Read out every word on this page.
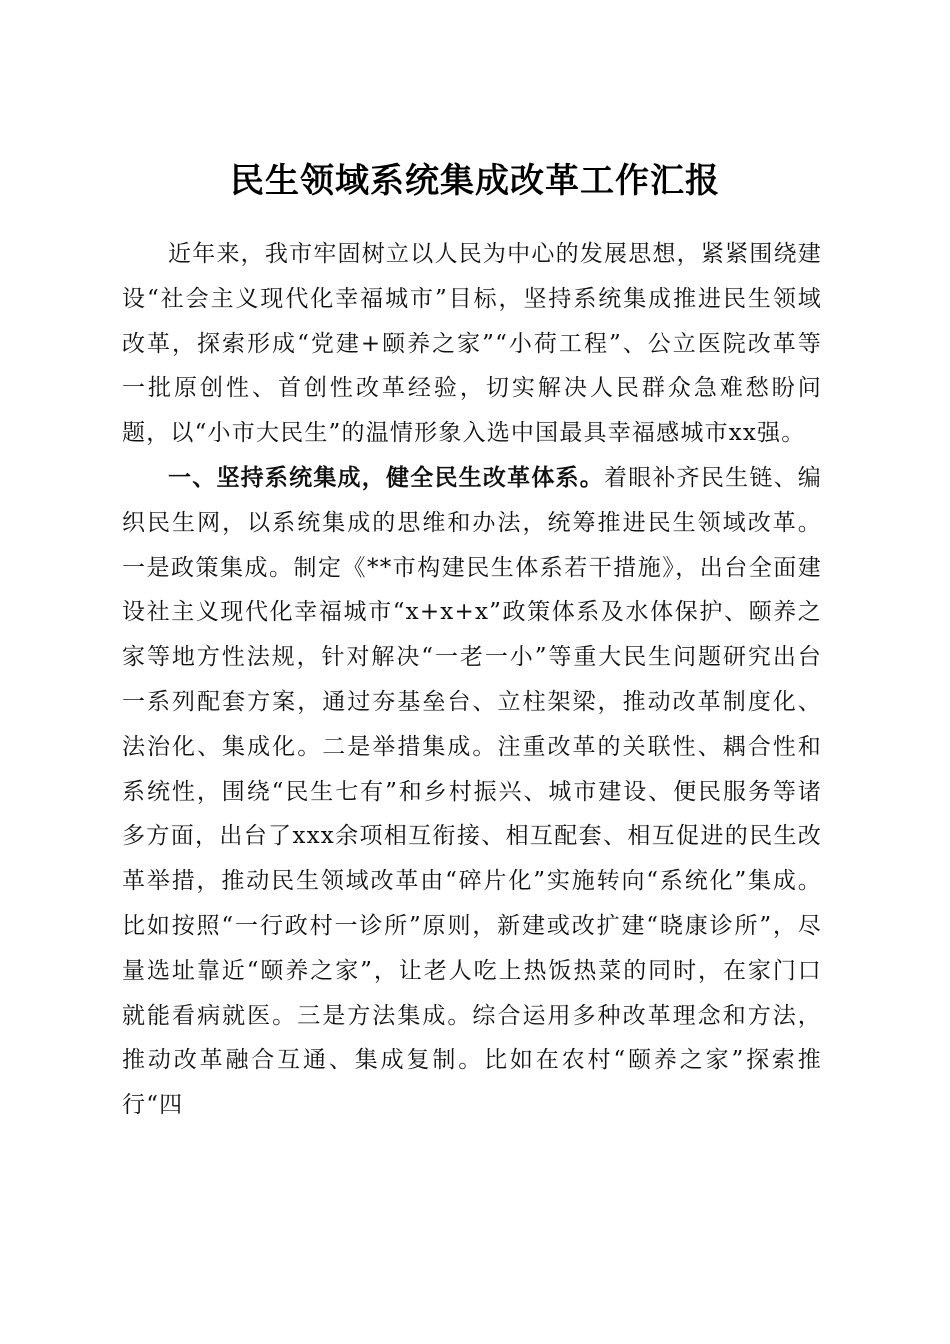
民生领域系统集成改革工作汇报

近年来，我市牢固树立以人民为中心的发展思想，紧紧围绕建设“社会主义现代化幸福城市”目标，坚持系统集成推进民生领域改革，探索形成“党建+颐养之家”“小荷工程”、公立医院改革等一批原创性、首创性改革经验，切实解决人民群众急难愁盼问题，以“小市大民生”的温情形象入选中国最具幸福感城市xx强。

一、坚持系统集成，健全民生改革体系。着眼补齐民生链、编织民生网，以系统集成的思维和办法，统筹推进民生领域改革。一是政策集成。制定《**市构建民生体系若干措施》，出台全面建设社主义现代化幸福城市“x+x+x”政策体系及水体保护、颐养之家等地方性法规，针对解决“一老一小”等重大民生问题研究出台一系列配套方案，通过夯基垒台、立柱架梁，推动改革制度化、法治化、集成化。二是举措集成。注重改革的关联性、耦合性和系统性，围绕“民生七有”和乡村振兴、城市建设、便民服务等诸多方面，出台了xxx余项相互衔接、相互配套、相互促进的民生改革举措，推动民生领域改革由“碎片化”实施转向“系统化”集成。比如按照“一行政村一诊所”原则，新建或改扩建“晓康诊所”，尽量选址靠近“颐养之家”，让老人吃上热饭热菜的同时，在家门口就能看病就医。三是方法集成。综合运用多种改革理念和方法，推动改革融合互通、集成复制。比如在农村“颐养之家”探索推行“四
